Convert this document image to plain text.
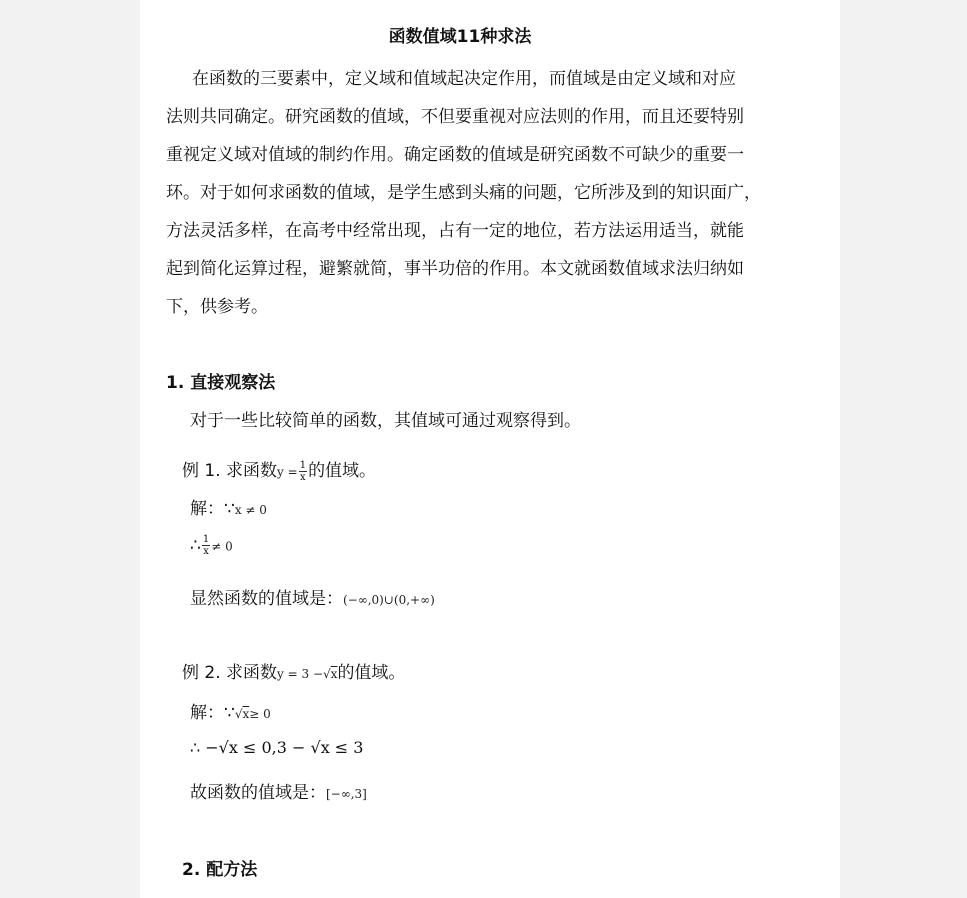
函数值域11种求法
在函数的三要素中，定义域和值域起决定作用，而值域是由定义域和对应
法则共同确定。研究函数的值域，不但要重视对应法则的作用，而且还要特别
重视定义域对值域的制约作用。确定函数的值域是研究函数不可缺少的重要一
环。对于如何求函数的值域，是学生感到头痛的问题，它所涉及到的知识面广，
方法灵活多样，在高考中经常出现，占有一定的地位，若方法运用适当，就能
起到简化运算过程，避繁就简，事半功倍的作用。本文就函数值域求法归纳如
下，供参考。
1. 直接观察法
对于一些比较简单的函数，其值域可通过观察得到。
例 1. 求函数$y = \frac{1}{x}$ 的值域。
解：∵x ≠ 0
∴ $\frac{1}{x} \ne 0$
显然函数的值域是：(−∞,0)∪(0,+∞)
例 2. 求函数y = 3 −√x的值域。
解：∵√x≥ 0
∴ −√x ≤ 0,3 − √x ≤ 3
故函数的值域是：[−∞,3]
2. 配方法
